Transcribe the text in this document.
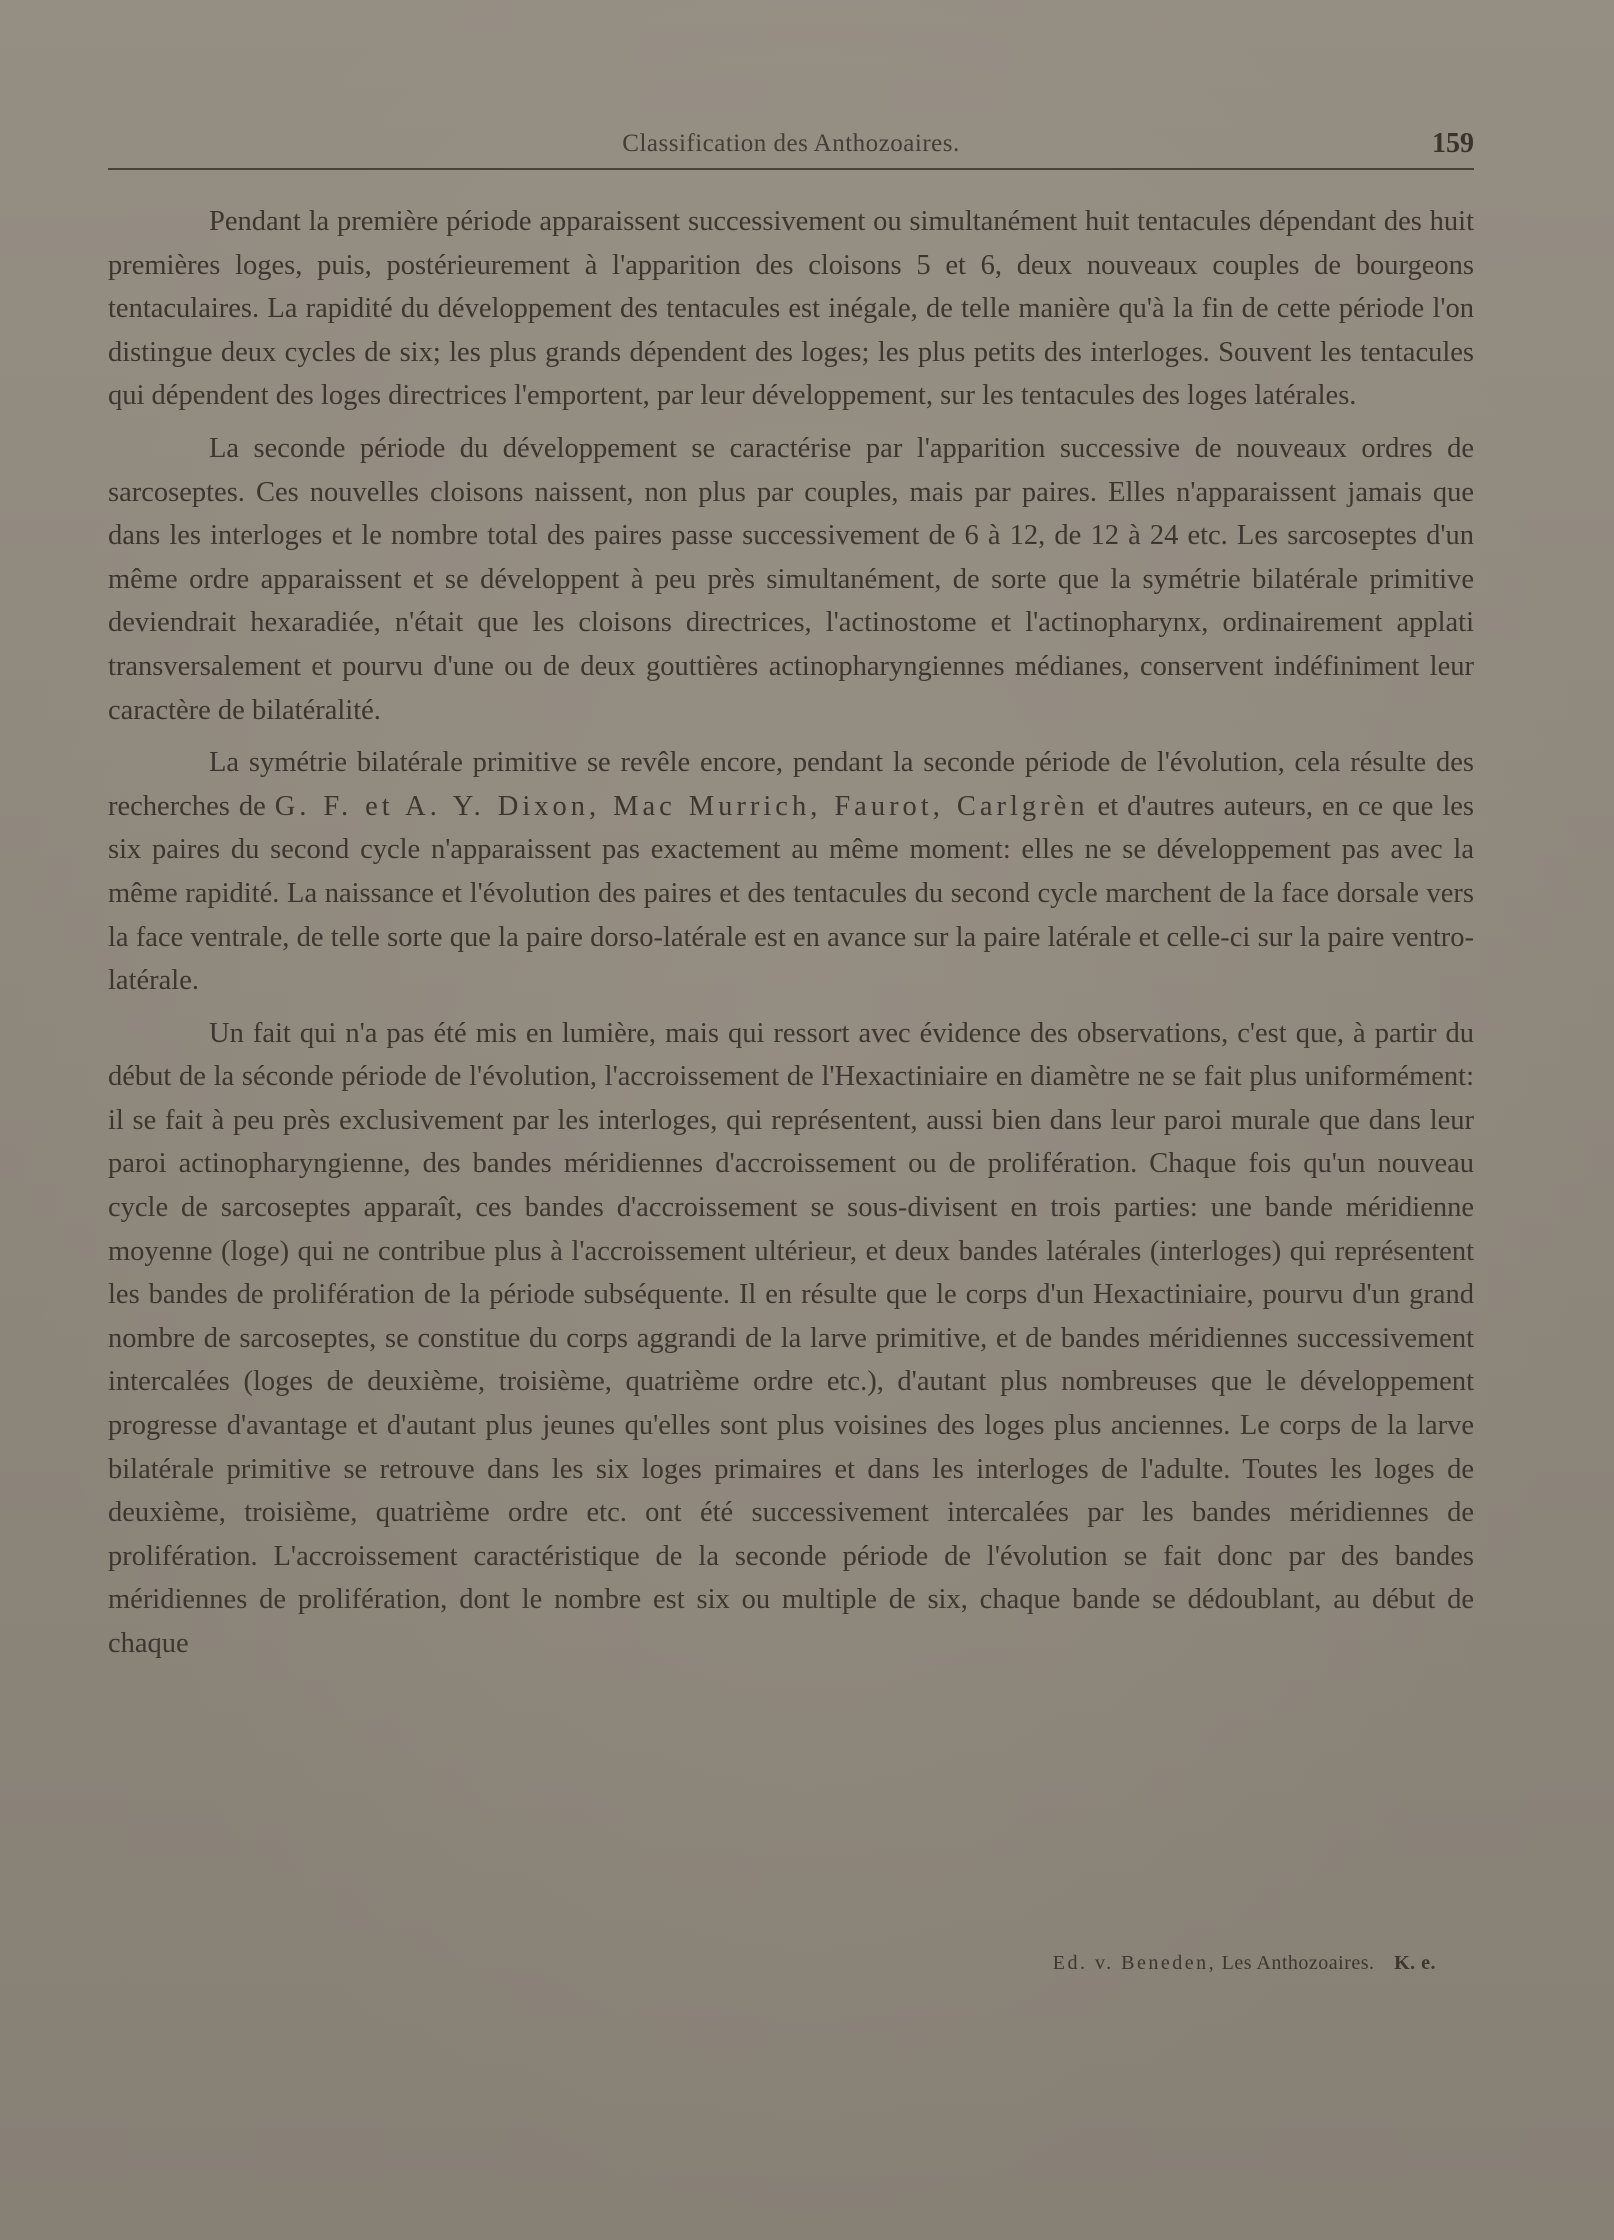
Classification des Anthozoaires.	159

Pendant la première période apparaissent successivement ou simultanément huit tentacules dépendant des huit premières loges, puis, postérieurement à l'apparition des cloisons 5 et 6, deux nouveaux couples de bourgeons tentaculaires. La rapidité du développement des tentacules est inégale, de telle manière qu'à la fin de cette période l'on distingue deux cycles de six; les plus grands dépendent des loges; les plus petits des interloges. Souvent les tentacules qui dépendent des loges directrices l'emportent, par leur développement, sur les tentacules des loges latérales.

La seconde période du développement se caractérise par l'apparition successive de nouveaux ordres de sarcoseptes. Ces nouvelles cloisons naissent, non plus par couples, mais par paires. Elles n'apparaissent jamais que dans les interloges et le nombre total des paires passe successivement de 6 à 12, de 12 à 24 etc. Les sarcoseptes d'un même ordre apparaissent et se développent à peu près simultanément, de sorte que la symétrie bilatérale primitive deviendrait hexaradiée, n'était que les cloisons directrices, l'actinostome et l'actinopharynx, ordinairement applati transversalement et pourvu d'une ou de deux gouttières actinopharyngiennes médianes, conservent indéfiniment leur caractère de bilatéralité.

La symétrie bilatérale primitive se revêle encore, pendant la seconde période de l'évolution, cela résulte des recherches de G. F. et A. Y. Dixon, Mac Murrich, Faurot, Carlgrèn et d'autres auteurs, en ce que les six paires du second cycle n'apparaissent pas exactement au même moment: elles ne se développement pas avec la même rapidité. La naissance et l'évolution des paires et des tentacules du second cycle marchent de la face dorsale vers la face ventrale, de telle sorte que la paire dorso-latérale est en avance sur la paire latérale et celle-ci sur la paire ventro-latérale.

Un fait qui n'a pas été mis en lumière, mais qui ressort avec évidence des observations, c'est que, à partir du début de la séconde période de l'évolution, l'accroissement de l'Hexactiniaire en diamètre ne se fait plus uniformément: il se fait à peu près exclusivement par les interloges, qui représentent, aussi bien dans leur paroi murale que dans leur paroi actinopharyngienne, des bandes méridiennes d'accroissement ou de prolifération. Chaque fois qu'un nouveau cycle de sarcoseptes apparaît, ces bandes d'accroissement se sous-divisent en trois parties: une bande méridienne moyenne (loge) qui ne contribue plus à l'accroissement ultérieur, et deux bandes latérales (interloges) qui représentent les bandes de prolifération de la période subséquente. Il en résulte que le corps d'un Hexactiniaire, pourvu d'un grand nombre de sarcoseptes, se constitue du corps aggrandi de la larve primitive, et de bandes méridiennes successivement intercalées (loges de deuxième, troisième, quatrième ordre etc.), d'autant plus nombreuses que le développement progresse d'avantage et d'autant plus jeunes qu'elles sont plus voisines des loges plus anciennes. Le corps de la larve bilatérale primitive se retrouve dans les six loges primaires et dans les interloges de l'adulte. Toutes les loges de deuxième, troisième, quatrième ordre etc. ont été successivement intercalées par les bandes méridiennes de prolifération. L'accroissement caractéristique de la seconde période de l'évolution se fait donc par des bandes méridiennes de prolifération, dont le nombre est six ou multiple de six, chaque bande se dédoublant, au début de chaque

Ed. v. Beneden, Les Anthozoaires. K. e.
